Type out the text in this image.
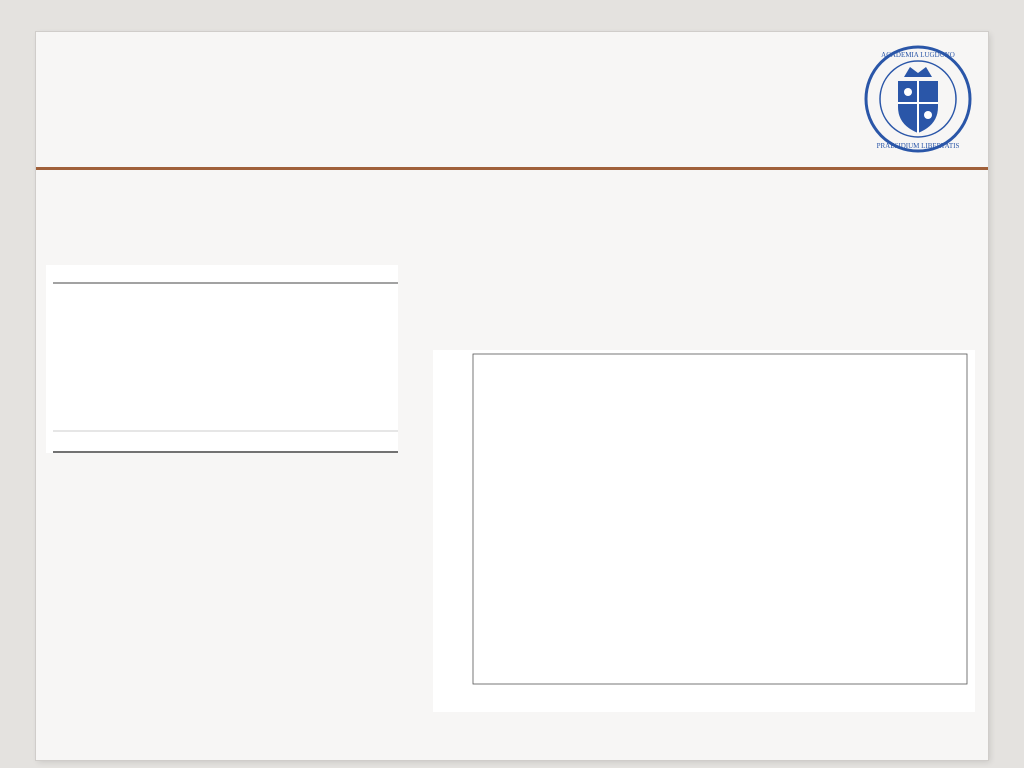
ACADEMIA LUGDUNO
PRAESIDIUM LIBERTATIS
